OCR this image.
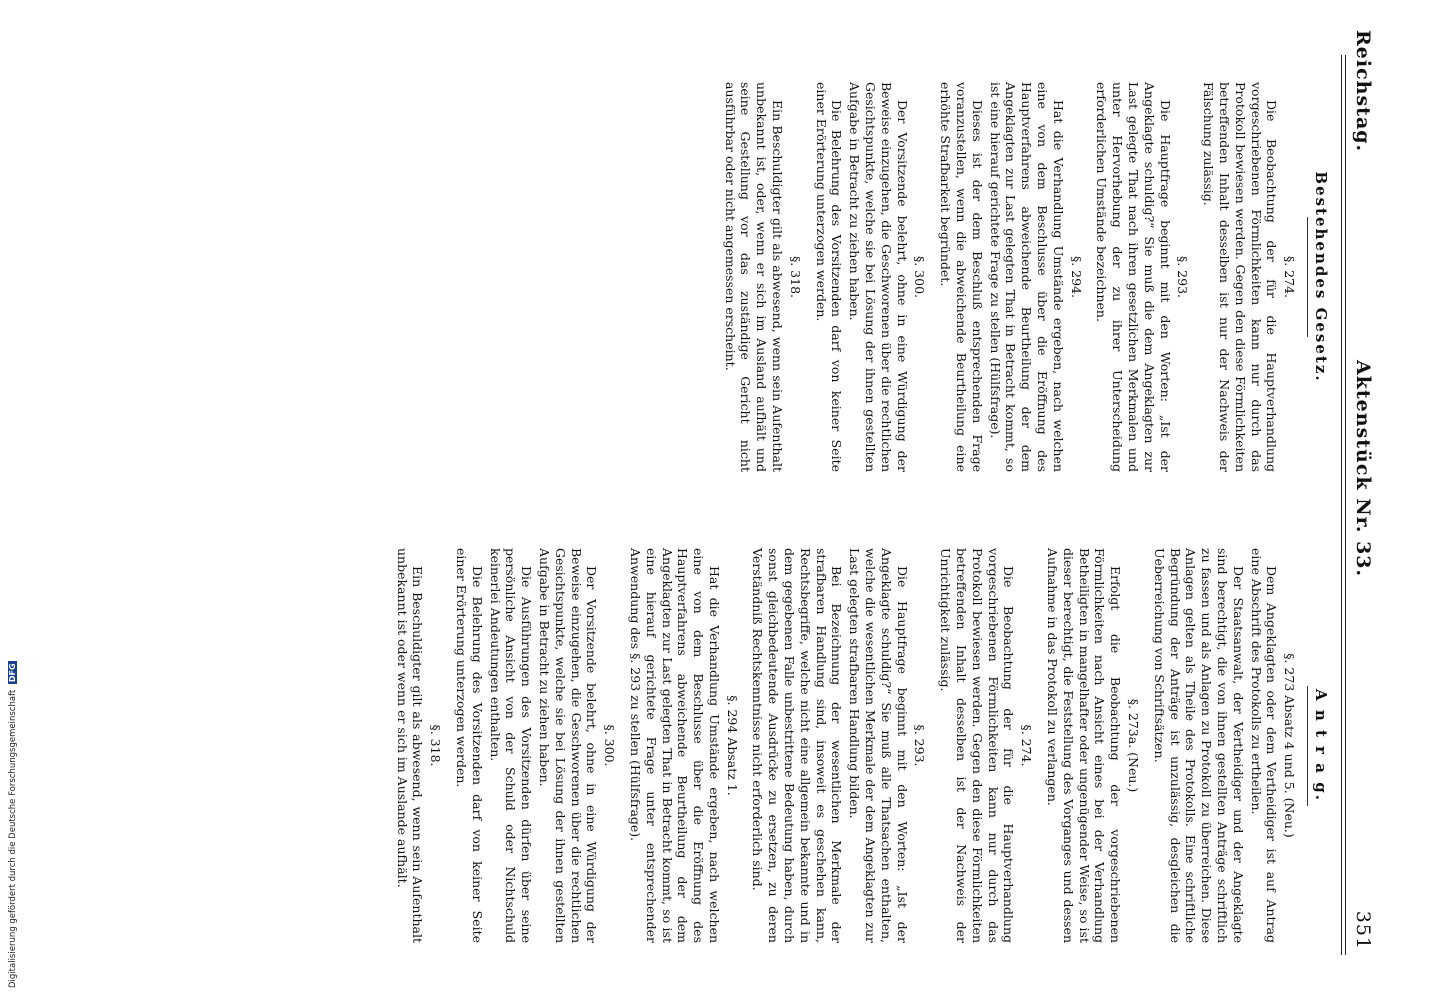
Reichstag.
Aktenstück Nr. 33.
351
Bestehendes Gesetz.
§. 274.

Die Beobachtung der für die Hauptverhandlung vorgeschriebenen Förmlichkeiten kann nur durch das Protokoll bewiesen werden. Gegen den diese Förmlichkeiten betreffenden Inhalt desselben ist nur der Nachweis der Fälschung zulässig.

§. 293.

Die Hauptfrage beginnt mit den Worten: „Ist der Angeklagte schuldig?“ Sie muß die dem Angeklagten zur Last gelegte That nach ihren gesetzlichen Merkmalen und unter Hervorhebung der zu ihrer Unterscheidung erforderlichen Umstände bezeichnen.

§. 294.

Hat die Verhandlung Umstände ergeben, nach welchen eine von dem Beschlusse über die Eröffnung des Hauptverfahrens abweichende Beurtheilung der dem Angeklagten zur Last gelegten That in Betracht kommt, so ist eine hierauf gerichtete Frage zu stellen (Hülfsfrage).

Dieses ist der dem Beschluß entsprechenden Frage voranzustellen, wenn die abweichende Beurtheilung eine erhöhte Strafbarkeit begründet.

§. 300.

Der Vorsitzende belehrt, ohne in eine Würdigung der Beweise einzugehen, die Geschworenen über die rechtlichen Gesichtspunkte, welche sie bei Lösung der ihnen gestellten Aufgabe in Betracht zu ziehen haben.

Die Belehrung des Vorsitzenden darf von keiner Seite einer Erörterung unterzogen werden.

§. 318.

Ein Beschuldigter gilt als abwesend, wenn sein Aufenthalt unbekannt ist, oder, wenn er sich im Ausland aufhält und seine Gestellung vor das zuständige Gericht nicht ausführbar oder nicht angemessen erscheint.

A n t r a g.
§. 273 Absatz 4 und 5. (Neu.)

Dem Angeklagten oder dem Vertheidiger ist auf Antrag eine Abschrift des Protokolls zu ertheilen.

Der Staatsanwalt, der Vertheidiger und der Angeklagte sind berechtigt, die von ihnen gestellten Anträge schriftlich zu fassen und als Anlagen zu Protokoll zu überreichen. Diese Anlagen gelten als Theile des Protokolls. Eine schriftliche Begründung der Anträge ist unzulässig, desgleichen die Ueberreichung von Schriftsätzen.

§. 273a. (Neu.)

Erfolgt die Beobachtung der vorgeschriebenen Förmlichkeiten nach Ansicht eines bei der Verhandlung Betheiligten in mangelhafter oder ungenügender Weise, so ist dieser berechtigt, die Feststellung des Vorganges und dessen Aufnahme in das Protokoll zu verlangen.

§. 274.

Die Beobachtung der für die Hauptverhandlung vorgeschriebenen Förmlichkeiten kann nur durch das Protokoll bewiesen werden. Gegen den diese Förmlichkeiten betreffenden Inhalt desselben ist der Nachweis der Unrichtigkeit zulässig.

§. 293.

Die Hauptfrage beginnt mit den Worten: „Ist der Angeklagte schuldig?“ Sie muß alle Thatsachen enthalten, welche die wesentlichen Merkmale der dem Angeklagten zur Last gelegten strafbaren Handlung bilden.

Bei Bezeichnung der wesentlichen Merkmale der strafbaren Handlung sind, insoweit es geschehen kann, Rechtsbegriffe, welche nicht eine allgemein bekannte und in dem gegebenen Falle unbestrittene Bedeutung haben, durch sonst gleichbedeutende Ausdrücke zu ersetzen, zu deren Verständniß Rechtskenntnisse nicht erforderlich sind.

§. 294 Absatz 1.

Hat die Verhandlung Umstände ergeben, nach welchen eine von dem Beschlusse über die Eröffnung des Hauptverfahrens abweichende Beurtheilung der dem Angeklagten zur Last gelegten That in Betracht kommt, so ist eine hierauf gerichtete Frage unter entsprechender Anwendung des §. 293 zu stellen (Hülfsfrage).

§. 300.

Der Vorsitzende belehrt, ohne in eine Würdigung der Beweise einzugehen, die Geschworenen über die rechtlichen Gesichtspunkte, welche sie bei Lösung der ihnen gestellten Aufgabe in Betracht zu ziehen haben.

Die Ausführungen des Vorsitzenden dürfen über seine persönliche Ansicht von der Schuld oder Nichtschuld keinerlei Andeutungen enthalten.

Die Belehrung des Vorsitzenden darf von keiner Seite einer Erörterung unterzogen werden.

§. 318.

Ein Beschuldigter gilt als abwesend, wenn sein Aufenthalt unbekannt ist oder wenn er sich im Auslande aufhält.

Digitalisierung gefördert durch die Deutsche Forschungsgemeinschaft DFG
